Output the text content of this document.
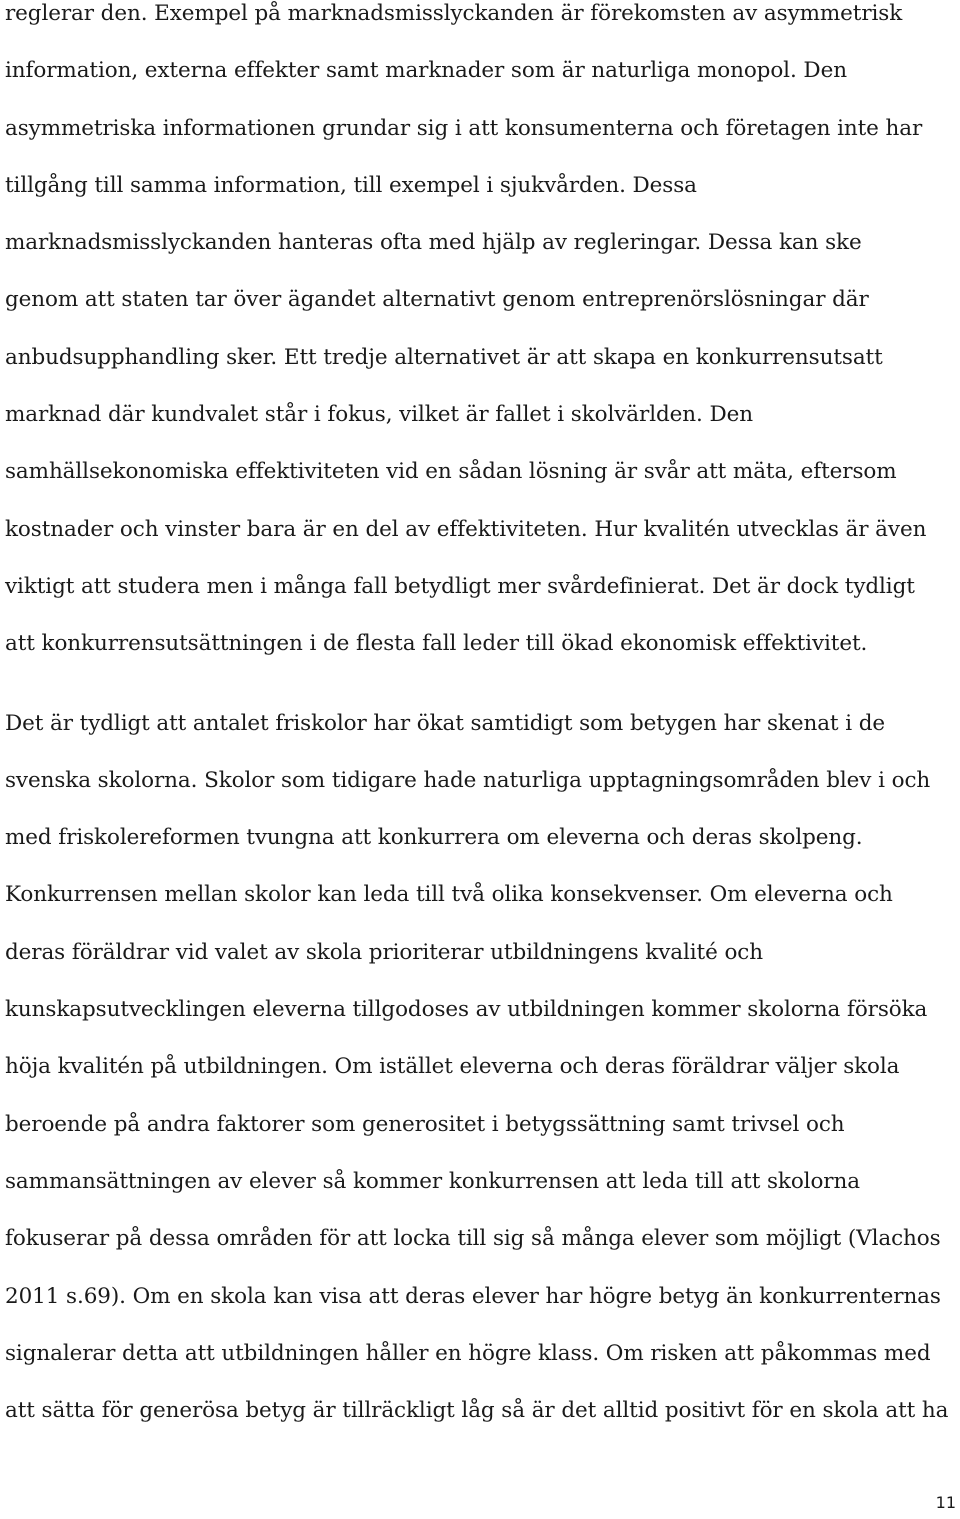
reglerar den. Exempel på marknadsmisslyckanden är förekomsten av asymmetrisk

information, externa effekter samt marknader som är naturliga monopol. Den

asymmetriska informationen grundar sig i att konsumenterna och företagen inte har

tillgång till samma information, till exempel i sjukvården. Dessa

marknadsmisslyckanden hanteras ofta med hjälp av regleringar. Dessa kan ske

genom att staten tar över ägandet alternativt genom entreprenörslösningar där

anbudsupphandling sker. Ett tredje alternativet är att skapa en konkurrensutsatt

marknad där kundvalet står i fokus, vilket är fallet i skolvärlden. Den

samhällsekonomiska effektiviteten vid en sådan lösning är svår att mäta, eftersom

kostnader och vinster bara är en del av effektiviteten. Hur kvalitén utvecklas är även

viktigt att studera men i många fall betydligt mer svårdefinierat. Det är dock tydligt

att konkurrensutsättningen i de flesta fall leder till ökad ekonomisk effektivitet.

Det är tydligt att antalet friskolor har ökat samtidigt som betygen har skenat i de

svenska skolorna. Skolor som tidigare hade naturliga upptagningsområden blev i och

med friskolereformen tvungna att konkurrera om eleverna och deras skolpeng.

Konkurrensen mellan skolor kan leda till två olika konsekvenser. Om eleverna och

deras föräldrar vid valet av skola prioriterar utbildningens kvalité och

kunskapsutvecklingen eleverna tillgodoses av utbildningen kommer skolorna försöka

höja kvalitén på utbildningen. Om istället eleverna och deras föräldrar väljer skola

beroende på andra faktorer som generositet i betygssättning samt trivsel och

sammansättningen av elever så kommer konkurrensen att leda till att skolorna

fokuserar på dessa områden för att locka till sig så många elever som möjligt (Vlachos

2011 s.69). Om en skola kan visa att deras elever har högre betyg än konkurrenternas

signalerar detta att utbildningen håller en högre klass. Om risken att påkommas med

att sätta för generösa betyg är tillräckligt låg så är det alltid positivt för en skola att ha

11
